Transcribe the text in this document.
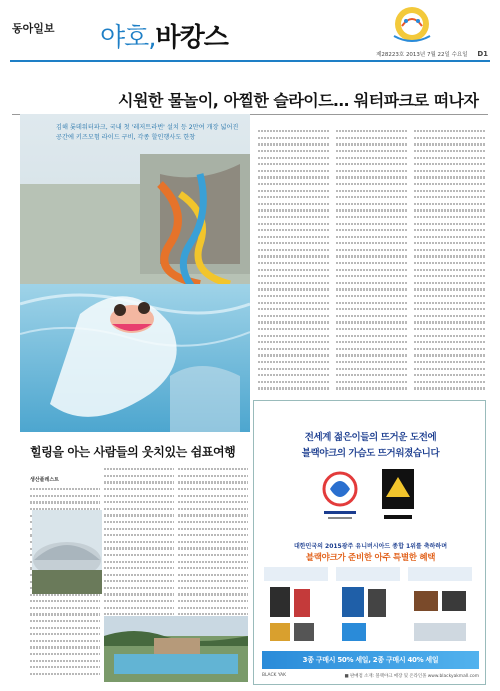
동아일보 야호,바캉스
제28223호 2013년 7월 22일 수요일 D1
시원한 물놀이, 아찔한 슬라이드… 워터파크로 떠나자
김해 롯데워터파크, 국내 첫 '레저트라번' 설치 등 2만여 개장 넓어진 공간에 키즈모험 라이드 구비, 각종 할인행사도 한창

힐링을 아는 사람들의 웃치있는 쉼표여행
생산플레스트

전세계 젊은이들의 뜨거운 도전에
블랙야크의 가슴도 뜨거워졌습니다
대한민국의 2015광주 유니버시아드 종합 1위를 축하하며
블랙야크가 준비한 아주 특별한 혜택
3종 구매시 50% 세일, 2종 구매시 40% 세일
BLACK YAK	■ 판매점 소재: 블랙야크 매장 및 온라인몰 www.blackyakmall.com
